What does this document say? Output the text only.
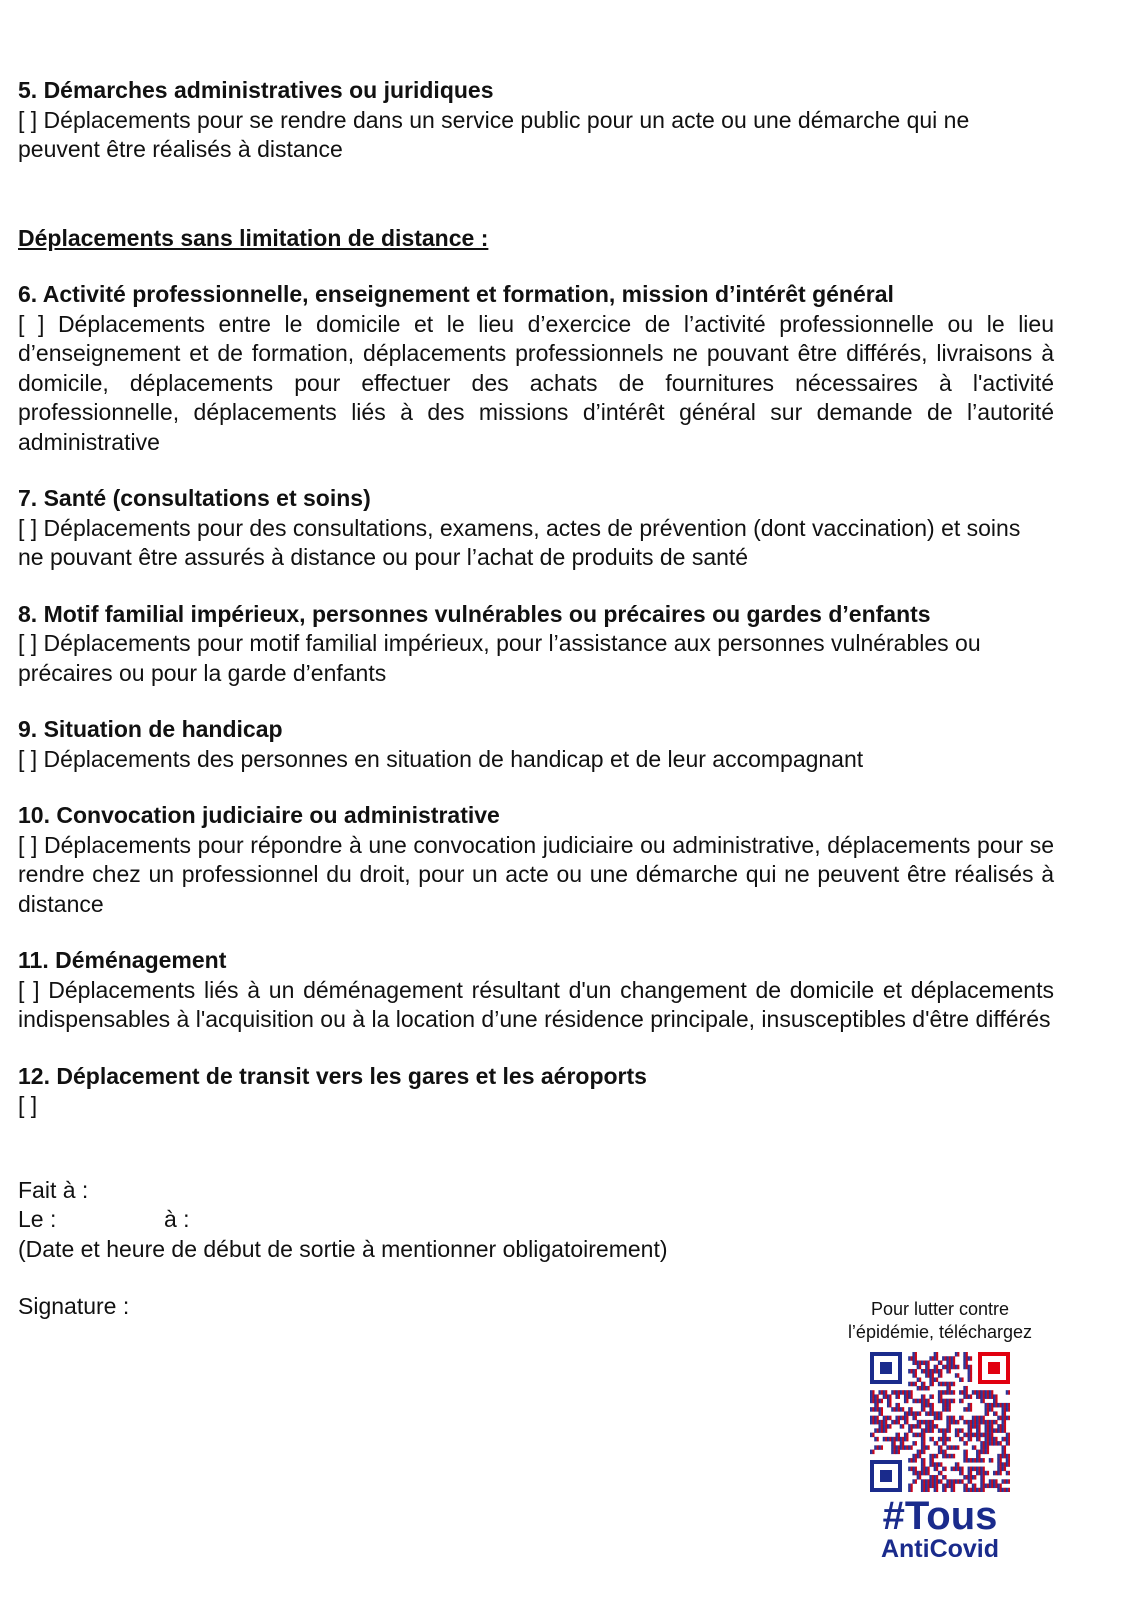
5. Démarches administratives ou juridiques

[ ] Déplacements pour se rendre dans un service public pour un acte ou une démarche qui ne peuvent être réalisés à distance

Déplacements sans limitation de distance :

6. Activité professionnelle, enseignement et formation, mission d’intérêt général

[ ] Déplacements entre le domicile et le lieu d’exercice de l’activité professionnelle ou le lieu d’enseignement et de formation, déplacements professionnels ne pouvant être différés, livraisons à domicile, déplacements pour effectuer des achats de fournitures nécessaires à l'activité professionnelle, déplacements liés à des missions d’intérêt général sur demande de l’autorité administrative

7. Santé (consultations et soins)

[ ] Déplacements pour des consultations, examens, actes de prévention (dont vaccination) et soins ne pouvant être assurés à distance ou pour l’achat de produits de santé

8. Motif familial impérieux, personnes vulnérables ou précaires ou gardes d’enfants

[ ] Déplacements pour motif familial impérieux, pour l’assistance aux personnes vulnérables ou précaires ou pour la garde d’enfants

9. Situation de handicap

[ ] Déplacements des personnes en situation de handicap et de leur accompagnant

10. Convocation judiciaire ou administrative

[ ] Déplacements pour répondre à une convocation judiciaire ou administrative, déplacements pour se rendre chez un professionnel du droit, pour un acte ou une démarche qui ne peuvent être réalisés à distance

11. Déménagement

[ ] Déplacements liés à un déménagement résultant d'un changement de domicile et déplacements indispensables à l'acquisition ou à la location d’une résidence principale, insusceptibles d'être différés

12. Déplacement de transit vers les gares et les aéroports

[ ]

Fait à :

Le :	à :

(Date et heure de début de sortie à mentionner obligatoirement)

Signature :	Pour lutter contre

l’épidémie, téléchargez

#Tous

AntiCovid
